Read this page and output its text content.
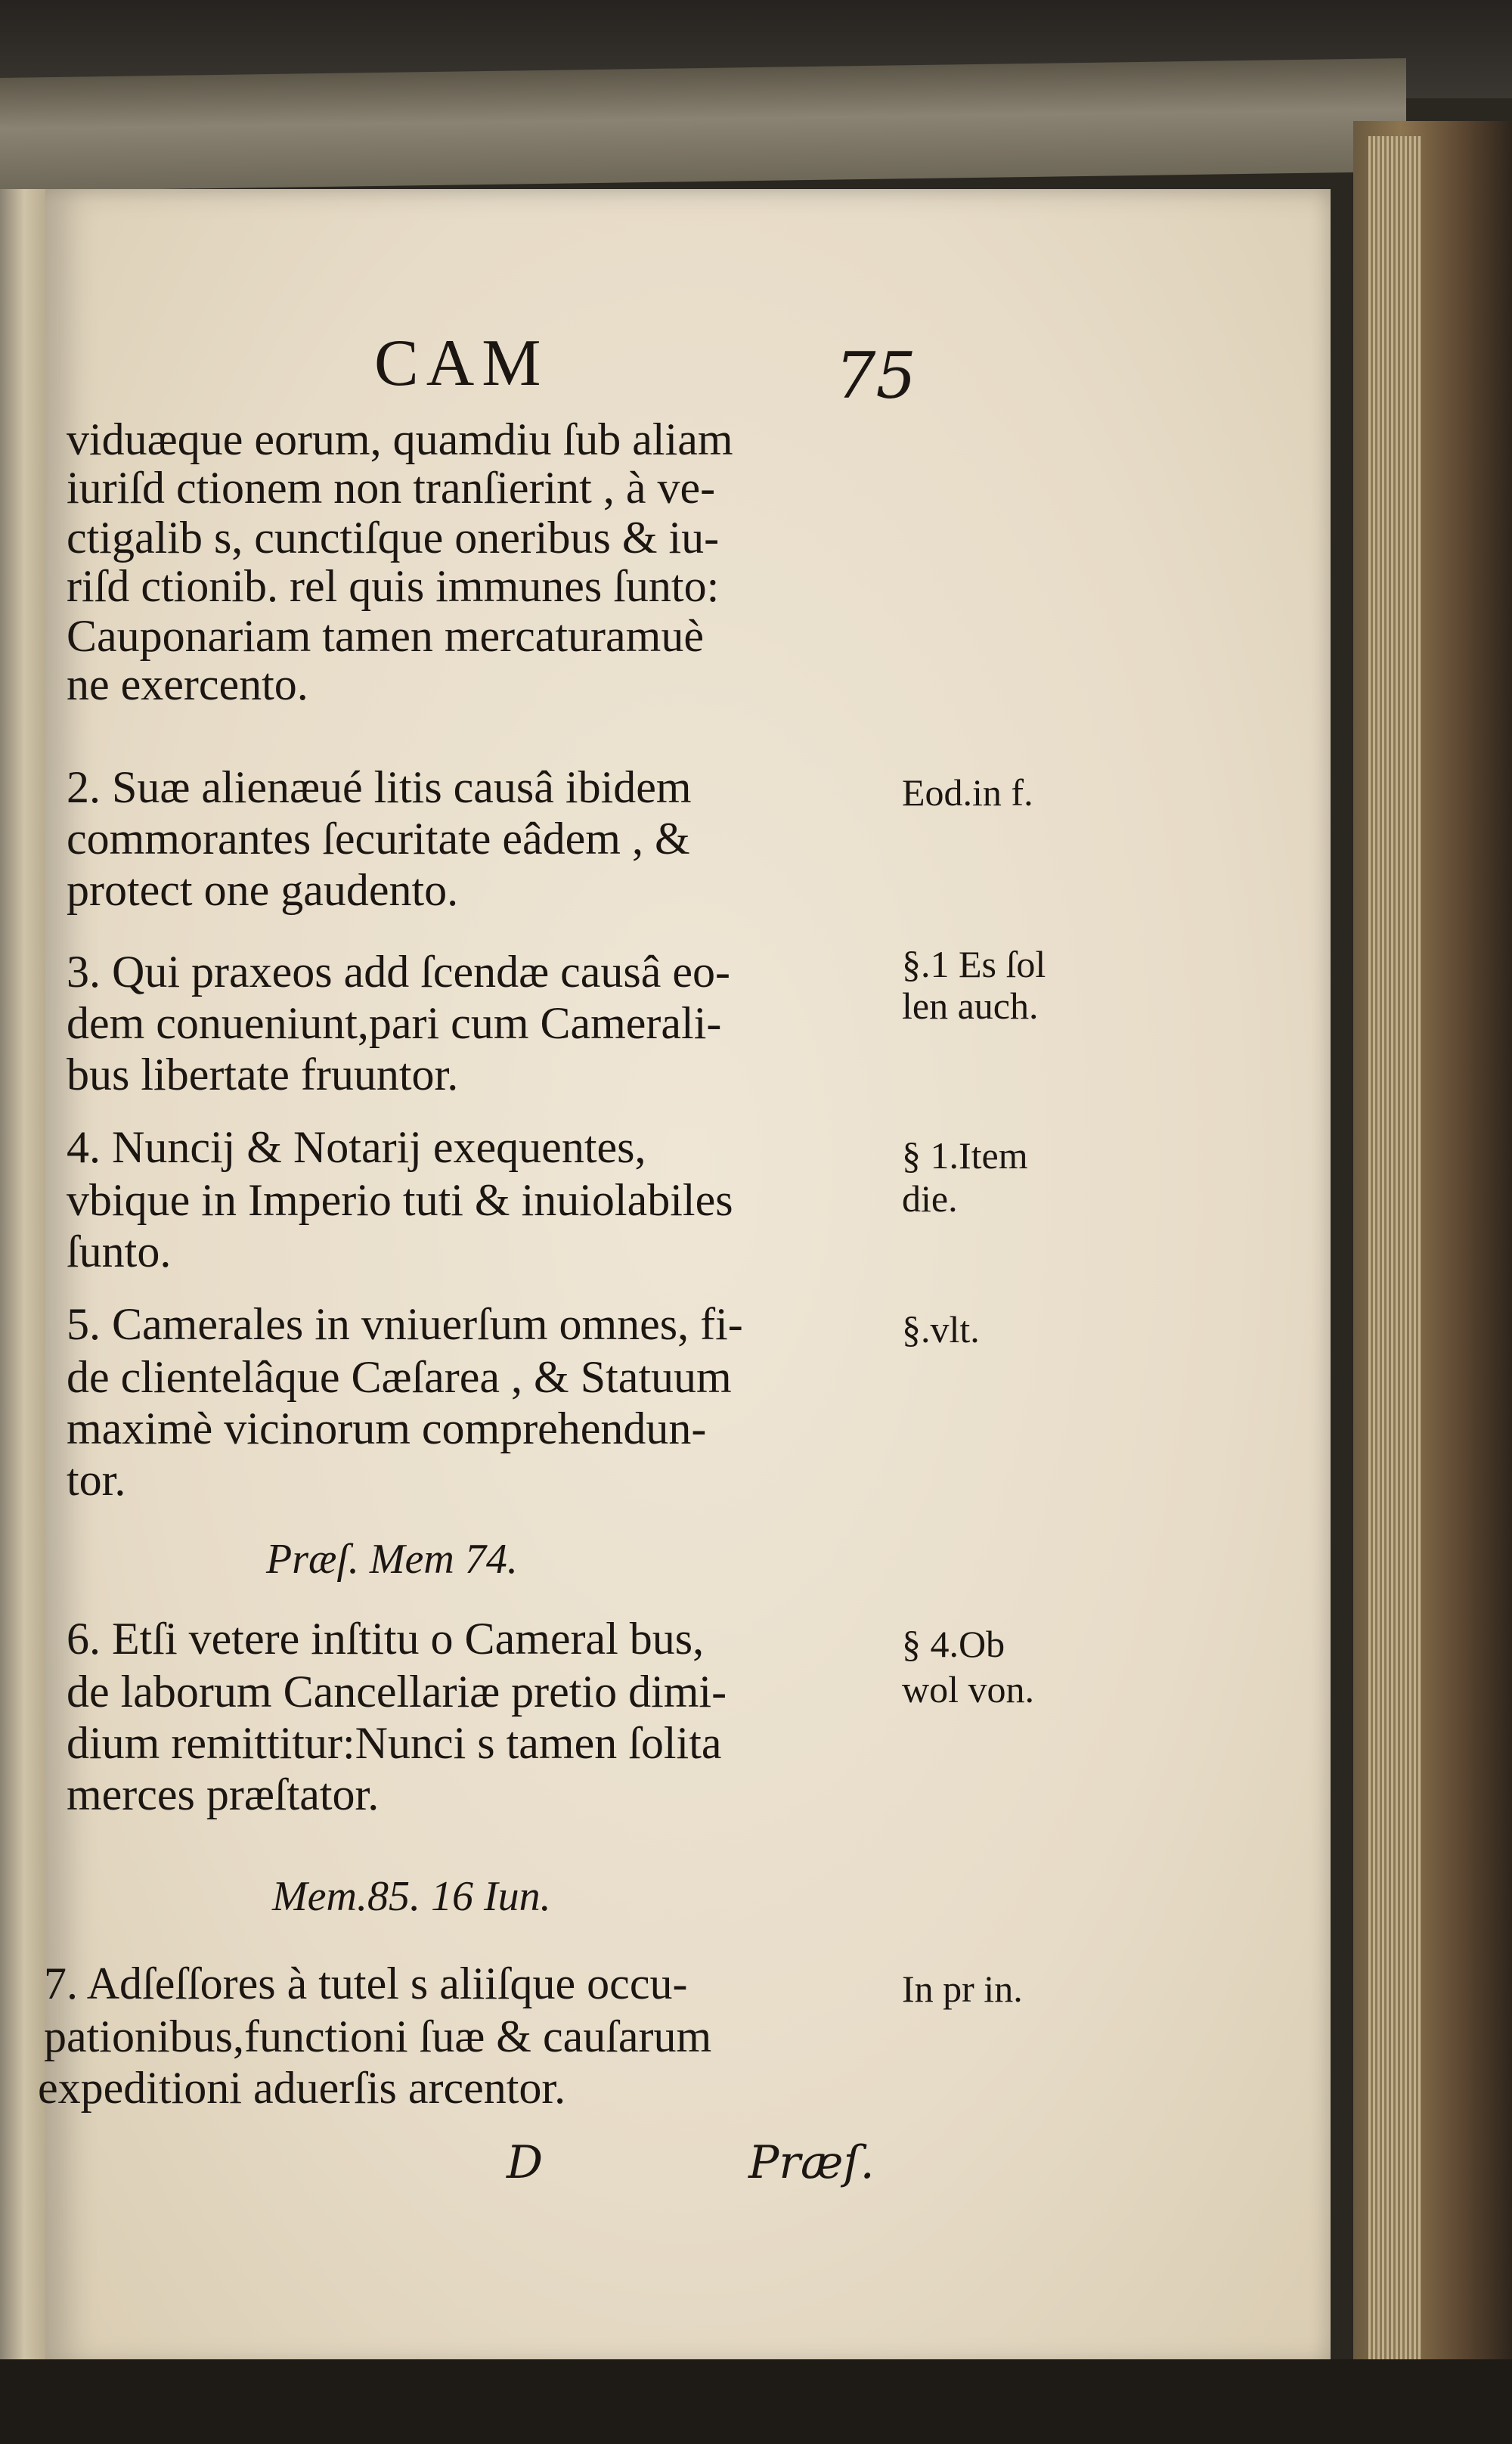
CAM	75
viduæque eorum, quamdiu ſub aliam
iuriſd ctionem non tranſierint , à ve-
ctigalib s, cunctiſque oneribus & iu-
riſd ctionib. rel quis immunes ſunto:
Cauponariam tamen mercaturamuè
ne exercento.
2. Suæ alienæué litis causâ ibidem
commorantes ſecuritate eâdem , &
protect one gaudento.
3. Qui praxeos add ſcendæ causâ eo-
dem conueniunt,pari cum Camerali-
bus libertate fruuntor.
4. Nuncij & Notarij exequentes,
vbique in Imperio tuti & inuiolabiles
ſunto.
5. Camerales in vniuerſum omnes, fi-
de clientelâque Cæſarea , & Statuum
maximè vicinorum comprehendun-
tor.
Præſ. Mem 74.
6. Etſi vetere inſtitu o Cameral bus,
de laborum Cancellariæ pretio dimi-
dium remittitur:Nunci s tamen ſolita
merces præſtator.
Mem.85. 16 Iun.
7. Adſeſſores à tutel s aliiſque occu-
pationibus,functioni ſuæ & cauſarum
expeditioni aduerſis arcentor.
Eod.in f.
§.1 Es ſol
len auch.
§ 1.Item
die.
§.vlt.
§ 4.Ob
wol von.
In pr in.
D	Præſ.
